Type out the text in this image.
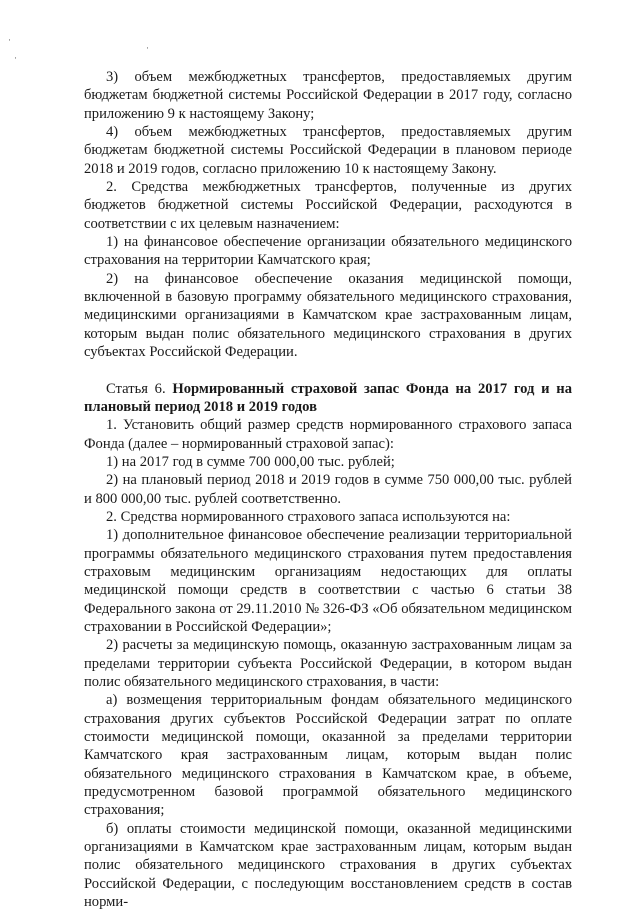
·
·
·

3) объем межбюджетных трансфертов, предоставляемых другим бюджетам бюджетной системы Российской Федерации в 2017 году, согласно приложению 9 к настоящему Закону;

4) объем межбюджетных трансфертов, предоставляемых другим бюджетам бюджетной системы Российской Федерации в плановом периоде 2018 и 2019 годов, согласно приложению 10 к настоящему Закону.

2. Средства межбюджетных трансфертов, полученные из других бюджетов бюджетной системы Российской Федерации, расходуются в соответствии с их целевым назначением:

1) на финансовое обеспечение организации обязательного медицинского страхования на территории Камчатского края;

2) на финансовое обеспечение оказания медицинской помощи, включенной в базовую программу обязательного медицинского страхования, медицинскими организациями в Камчатском крае застрахованным лицам, которым выдан полис обязательного медицинского страхования в других субъектах Российской Федерации.

Статья 6. Нормированный страховой запас Фонда на 2017 год и на плановый период 2018 и 2019 годов

1. Установить общий размер средств нормированного страхового запаса Фонда (далее – нормированный страховой запас):

1) на 2017 год в сумме 700 000,00 тыс. рублей;

2) на плановый период 2018 и 2019 годов в сумме 750 000,00 тыс. рублей и 800 000,00 тыс. рублей соответственно.

2. Средства нормированного страхового запаса используются на:

1) дополнительное финансовое обеспечение реализации территориальной программы обязательного медицинского страхования путем предоставления страховым медицинским организациям недостающих для оплаты медицинской помощи средств в соответствии с частью 6 статьи 38 Федерального закона от 29.11.2010 № 326-ФЗ «Об обязательном медицинском страховании в Российской Федерации»;

2) расчеты за медицинскую помощь, оказанную застрахованным лицам за пределами территории субъекта Российской Федерации, в котором выдан полис обязательного медицинского страхования, в части:

а) возмещения территориальным фондам обязательного медицинского страхования других субъектов Российской Федерации затрат по оплате стоимости медицинской помощи, оказанной за пределами территории Камчатского края застрахованным лицам, которым выдан полис обязательного медицинского страхования в Камчатском крае, в объеме, предусмотренном базовой программой обязательного медицинского страхования;

б) оплаты стоимости медицинской помощи, оказанной медицинскими организациями в Камчатском крае застрахованным лицам, которым выдан полис обязательного медицинского страхования в других субъектах Российской Федерации, с последующим восстановлением средств в состав норми-
